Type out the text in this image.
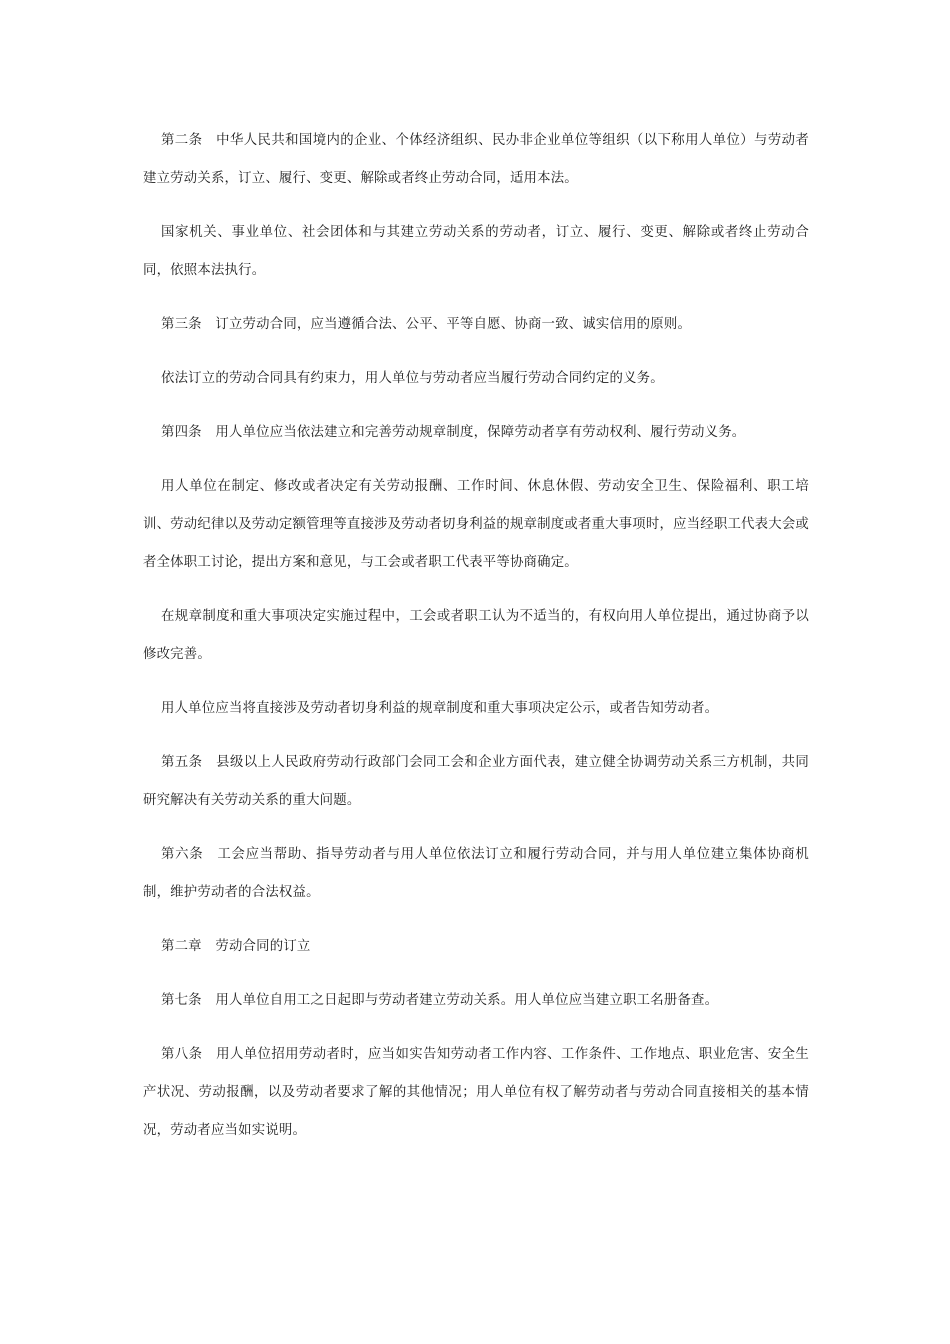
第二条　中华人民共和国境内的企业、个体经济组织、民办非企业单位等组织（以下称用人单位）与劳动者建立劳动关系，订立、履行、变更、解除或者终止劳动合同，适用本法。

国家机关、事业单位、社会团体和与其建立劳动关系的劳动者，订立、履行、变更、解除或者终止劳动合同，依照本法执行。

第三条　订立劳动合同，应当遵循合法、公平、平等自愿、协商一致、诚实信用的原则。

依法订立的劳动合同具有约束力，用人单位与劳动者应当履行劳动合同约定的义务。

第四条　用人单位应当依法建立和完善劳动规章制度，保障劳动者享有劳动权利、履行劳动义务。

用人单位在制定、修改或者决定有关劳动报酬、工作时间、休息休假、劳动安全卫生、保险福利、职工培训、劳动纪律以及劳动定额管理等直接涉及劳动者切身利益的规章制度或者重大事项时，应当经职工代表大会或者全体职工讨论，提出方案和意见，与工会或者职工代表平等协商确定。

在规章制度和重大事项决定实施过程中，工会或者职工认为不适当的，有权向用人单位提出，通过协商予以修改完善。

用人单位应当将直接涉及劳动者切身利益的规章制度和重大事项决定公示，或者告知劳动者。

第五条　县级以上人民政府劳动行政部门会同工会和企业方面代表，建立健全协调劳动关系三方机制，共同研究解决有关劳动关系的重大问题。

第六条　工会应当帮助、指导劳动者与用人单位依法订立和履行劳动合同，并与用人单位建立集体协商机制，维护劳动者的合法权益。

第二章　劳动合同的订立

第七条　用人单位自用工之日起即与劳动者建立劳动关系。用人单位应当建立职工名册备查。

第八条　用人单位招用劳动者时，应当如实告知劳动者工作内容、工作条件、工作地点、职业危害、安全生产状况、劳动报酬，以及劳动者要求了解的其他情况；用人单位有权了解劳动者与劳动合同直接相关的基本情况，劳动者应当如实说明。
